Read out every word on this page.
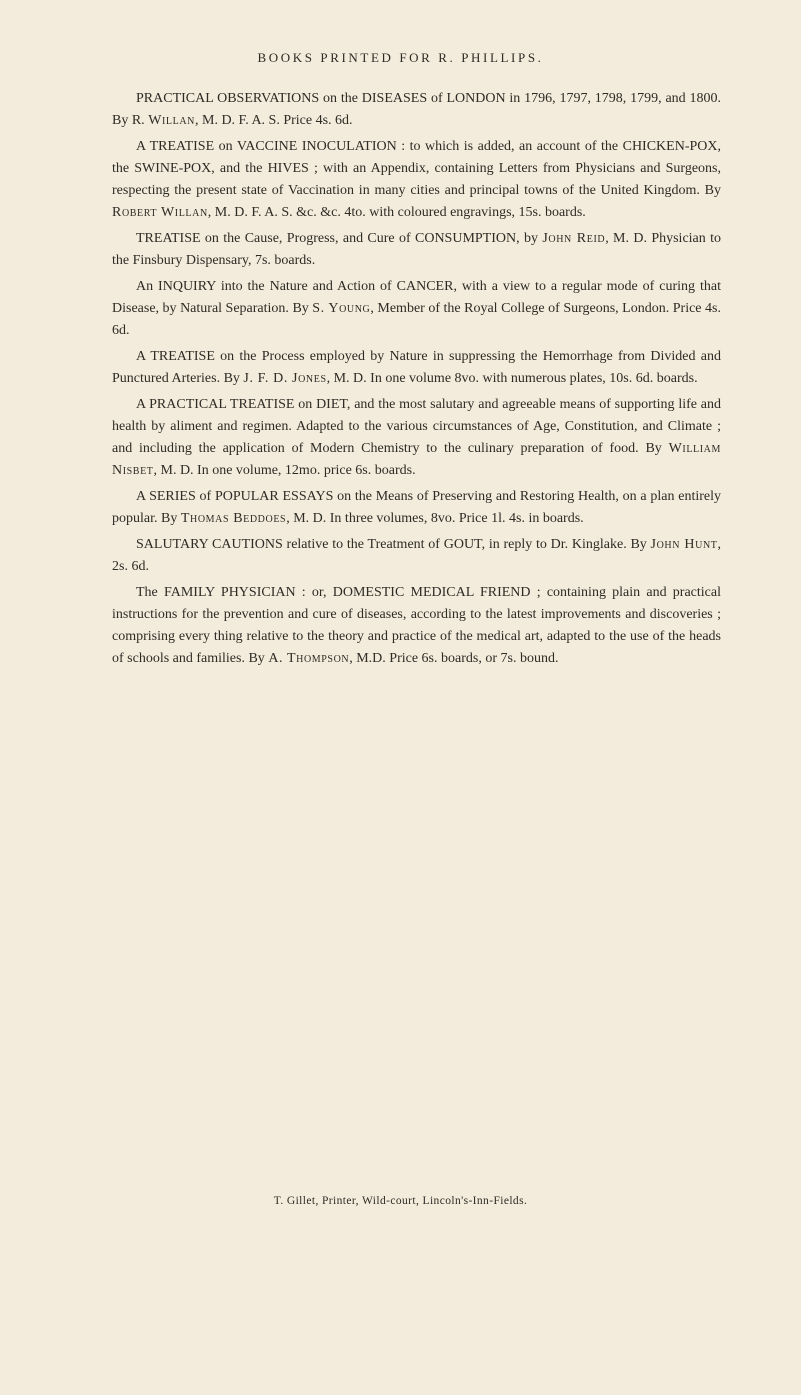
BOOKS PRINTED FOR R. PHILLIPS.

PRACTICAL OBSERVATIONS on the DISEASES of LONDON in 1796, 1797, 1798, 1799, and 1800. By R. Willan, M. D. F. A. S. Price 4s. 6d.

A TREATISE on VACCINE INOCULATION : to which is added, an account of the CHICKEN-POX, the SWINE-POX, and the HIVES ; with an Appendix, containing Letters from Physicians and Surgeons, respecting the present state of Vaccination in many cities and principal towns of the United Kingdom. By Robert Willan, M. D. F. A. S. &c. &c. 4to. with coloured engravings, 15s. boards.

TREATISE on the Cause, Progress, and Cure of CONSUMPTION, by John Reid, M. D. Physician to the Finsbury Dispensary, 7s. boards.

An INQUIRY into the Nature and Action of CANCER, with a view to a regular mode of curing that Disease, by Natural Separation. By S. Young, Member of the Royal College of Surgeons, London. Price 4s. 6d.

A TREATISE on the Process employed by Nature in suppressing the Hemorrhage from Divided and Punctured Arteries. By J. F. D. Jones, M. D. In one volume 8vo. with numerous plates, 10s. 6d. boards.

A PRACTICAL TREATISE on DIET, and the most salutary and agreeable means of supporting life and health by aliment and regimen. Adapted to the various circumstances of Age, Constitution, and Climate ; and including the application of Modern Chemistry to the culinary preparation of food. By William Nisbet, M. D. In one volume, 12mo. price 6s. boards.

A SERIES of POPULAR ESSAYS on the Means of Preserving and Restoring Health, on a plan entirely popular. By Thomas Beddoes, M. D. In three volumes, 8vo. Price 1l. 4s. in boards.

SALUTARY CAUTIONS relative to the Treatment of GOUT, in reply to Dr. Kinglake. By John Hunt, 2s. 6d.

The FAMILY PHYSICIAN : or, DOMESTIC MEDICAL FRIEND ; containing plain and practical instructions for the prevention and cure of diseases, according to the latest improvements and discoveries ; comprising every thing relative to the theory and practice of the medical art, adapted to the use of the heads of schools and families. By A. Thompson, M.D. Price 6s. boards, or 7s. bound.

T. Gillet, Printer, Wild-court, Lincoln's-Inn-Fields.
